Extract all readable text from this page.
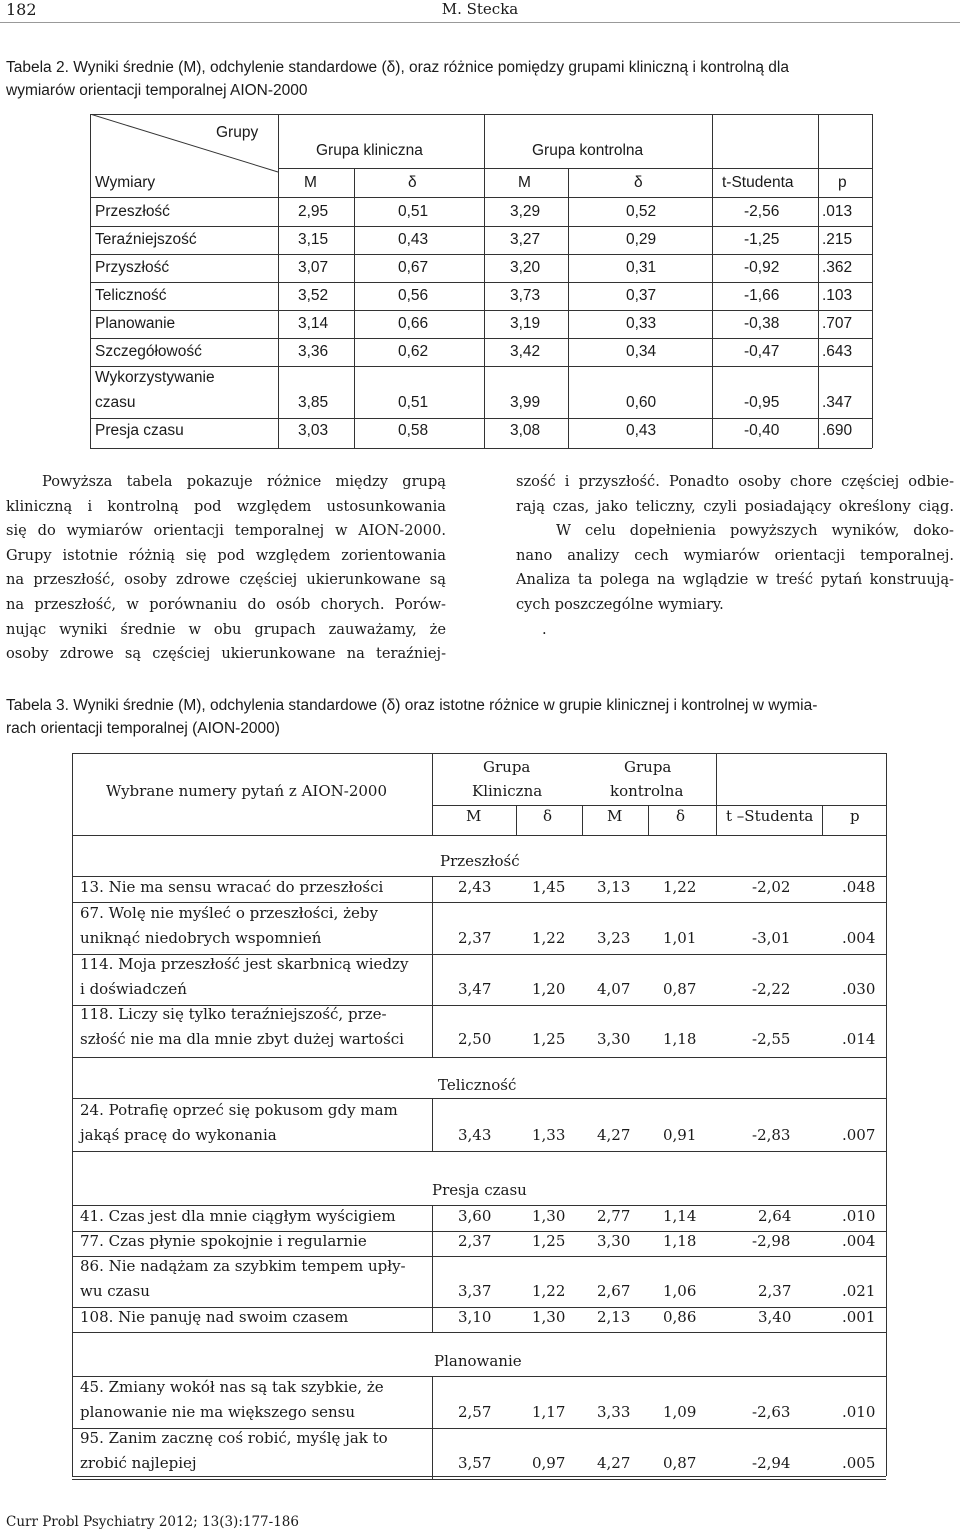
182	M. Stecka
Tabela 2. Wyniki średnie (M), odchylenie standardowe (δ), oraz różnice pomiędzy grupami kliniczną i kontrolną dla
wymiarów orientacji temporalnej AION-2000
Grupy
Wymiary
Grupa kliniczna	Grupa kontrolna
M	δ	M	δ	t-Studenta	p
Przeszłość	2,95	0,51	3,29	0,52	-2,56	.013
Teraźniejszość	3,15	0,43	3,27	0,29	-1,25	.215
Przyszłość	3,07	0,67	3,20	0,31	-0,92	.362
Teliczność	3,52	0,56	3,73	0,37	-1,66	.103
Planowanie	3,14	0,66	3,19	0,33	-0,38	.707
Szczegółowość	3,36	0,62	3,42	0,34	-0,47	.643
Wykorzystywanie
czasu	3,85	0,51	3,99	0,60	-0,95	.347
Presja czasu	3,03	0,58	3,08	0,43	-0,40	.690
Powyższa tabela pokazuje różnice między grupą
kliniczną i kontrolną pod względem ustosunkowania
się do wymiarów orientacji temporalnej w AION-2000.
Grupy istotnie różnią się pod względem zorientowania
na przeszłość, osoby zdrowe częściej ukierunkowane są
na przeszłość, w porównaniu do osób chorych. Porów-
nując wyniki średnie w obu grupach zauważamy, że
osoby zdrowe są częściej ukierunkowane na teraźniej-
szość i przyszłość. Ponadto osoby chore częściej odbie-
rają czas, jako teliczny, czyli posiadający określony ciąg.
W celu dopełnienia powyższych wyników, doko-
nano analizy cech wymiarów orientacji temporalnej.
Analiza ta polega na wglądzie w treść pytań konstruują-
cych poszczególne wymiary.
.
Tabela 3. Wyniki średnie (M), odchylenia standardowe (δ) oraz istotne różnice w grupie klinicznej i kontrolnej w wymia-
rach orientacji temporalnej (AION-2000)
Wybrane numery pytań z AION-2000
Grupa
Kliniczna
Grupa
kontrolna
M	δ	M	δ	t –Studenta p
Przeszłość
13. Nie ma sensu wracać do przeszłości	2,43	1,45 3,13 1,22	-2,02	.048
67. Wolę nie myśleć o przeszłości, żeby
uniknąć niedobrych wspomnień	2,37	1,22 3,23 1,01	-3,01	.004
114. Moja przeszłość jest skarbnicą wiedzy
i doświadczeń	3,47	1,20 4,07 0,87	-2,22	.030
118. Liczy się tylko teraźniejszość, prze-
szłość nie ma dla mnie zbyt dużej wartości	2,50	1,25 3,30 1,18	-2,55	.014
Teliczność
24. Potrafię oprzeć się pokusom gdy mam
jakąś pracę do wykonania	3,43	1,33 4,27 0,91	-2,83	.007
Presja czasu
41. Czas jest dla mnie ciągłym wyścigiem	3,60	1,30 2,77 1,14	2,64	.010
77. Czas płynie spokojnie i regularnie	2,37	1,25 3,30 1,18	-2,98	.004
86. Nie nadążam za szybkim tempem upły-
wu czasu	3,37	1,22 2,67 1,06	2,37	.021
108. Nie panuję nad swoim czasem	3,10	1,30 2,13 0,86	3,40	.001
Planowanie
45. Zmiany wokół nas są tak szybkie, że
planowanie nie ma większego sensu	2,57	1,17 3,33 1,09	-2,63	.010
95. Zanim zacznę coś robić, myślę jak to
zrobić najlepiej	3,57	0,97 4,27 0,87	-2,94	.005
Curr Probl Psychiatry 2012; 13(3):177-186
